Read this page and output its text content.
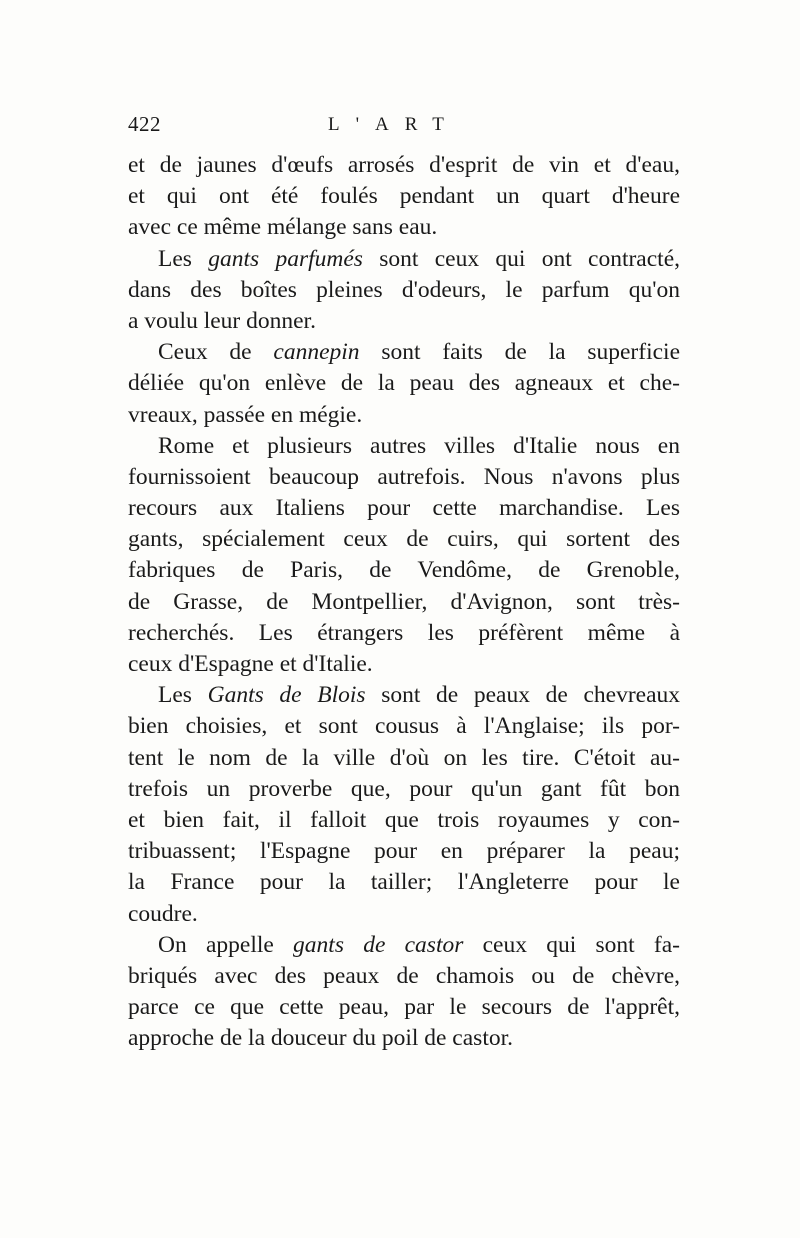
422	L'ART
et de jaunes d'œufs arrosés d'esprit de vin et d'eau,
et qui ont été foulés pendant un quart d'heure
avec ce même mélange sans eau.
Les gants parfumés sont ceux qui ont contracté,
dans des boîtes pleines d'odeurs, le parfum qu'on
a voulu leur donner.
Ceux de cannepin sont faits de la superficie
déliée qu'on enlève de la peau des agneaux et che-
vreaux, passée en mégie.
Rome et plusieurs autres villes d'Italie nous en
fournissoient beaucoup autrefois. Nous n'avons plus
recours aux Italiens pour cette marchandise. Les
gants, spécialement ceux de cuirs, qui sortent des
fabriques de Paris, de Vendôme, de Grenoble,
de Grasse, de Montpellier, d'Avignon, sont très-
recherchés. Les étrangers les préfèrent même à
ceux d'Espagne et d'Italie.
Les Gants de Blois sont de peaux de chevreaux
bien choisies, et sont cousus à l'Anglaise; ils por-
tent le nom de la ville d'où on les tire. C'étoit au-
trefois un proverbe que, pour qu'un gant fût bon
et bien fait, il falloit que trois royaumes y con-
tribuassent; l'Espagne pour en préparer la peau;
la France pour la tailler; l'Angleterre pour le
coudre.
On appelle gants de castor ceux qui sont fa-
briqués avec des peaux de chamois ou de chèvre,
parce ce que cette peau, par le secours de l'apprêt,
approche de la douceur du poil de castor.
